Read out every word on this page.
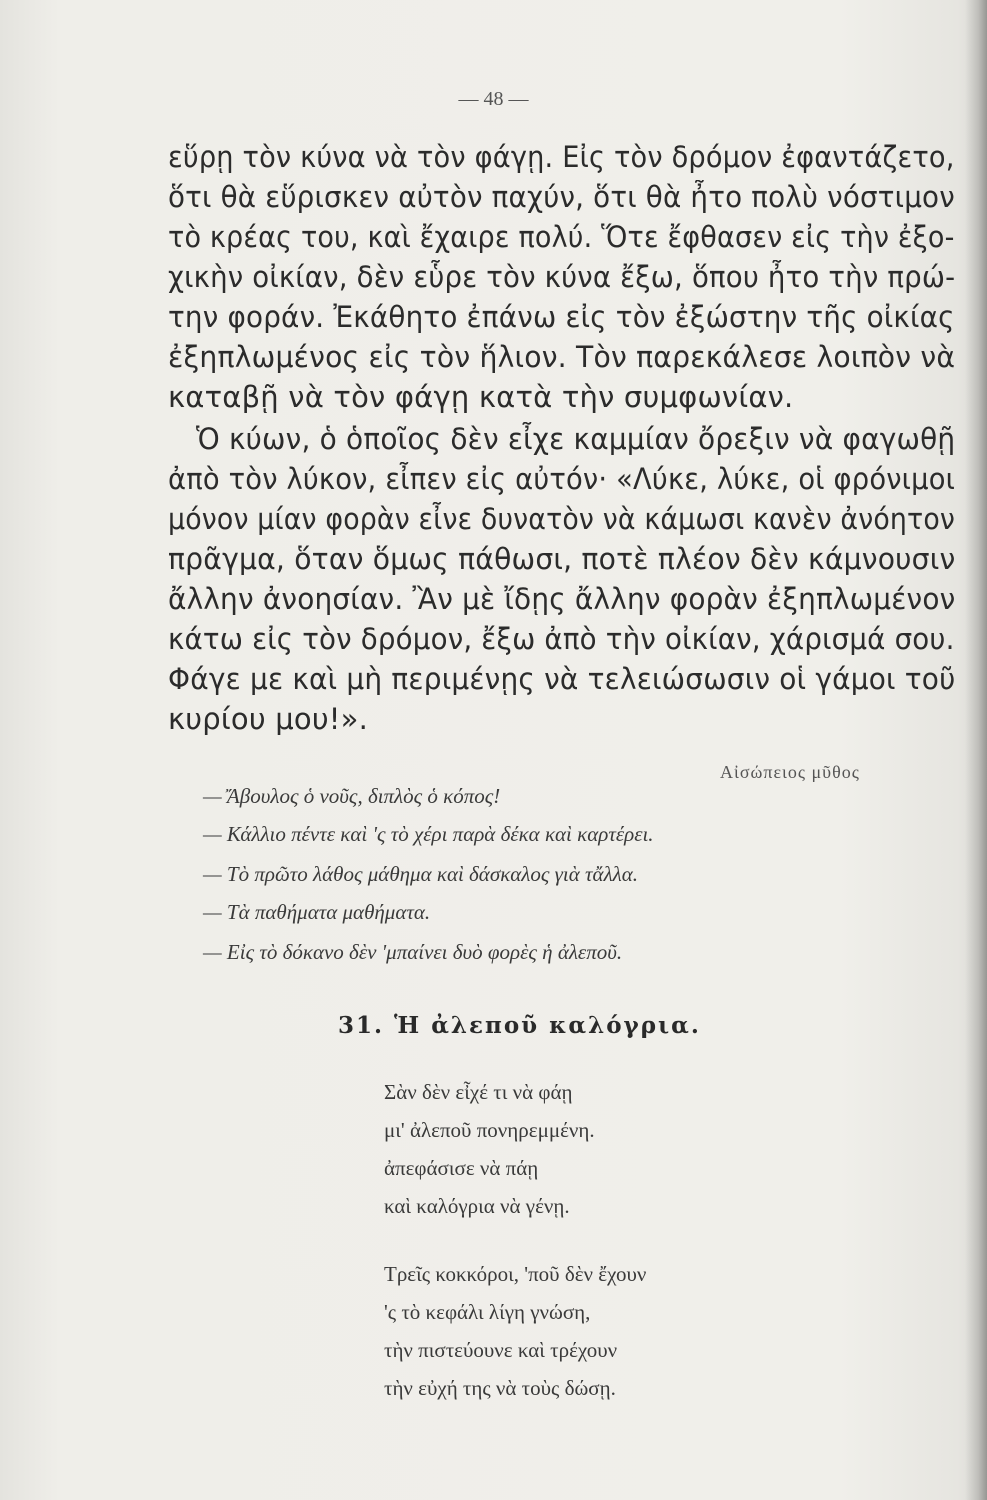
— 48 —
εὕρῃ τὸν κύνα νὰ τὸν φάγῃ. Εἰς τὸν δρόμον ἐφαντάζετο,
ὅτι θὰ εὕρισκεν αὐτὸν παχύν, ὅτι θὰ ἦτο πολὺ νόστιμον
τὸ κρέας του, καὶ ἔχαιρε πολύ. Ὅτε ἔφθασεν εἰς τὴν ἐξο-
χικὴν οἰκίαν, δὲν εὗρε τὸν κύνα ἔξω, ὅπου ἦτο τὴν πρώ-
την φοράν. Ἐκάθητο ἐπάνω εἰς τὸν ἐξώστην τῆς οἰκίας
ἐξηπλωμένος εἰς τὸν ἥλιον. Τὸν παρεκάλεσε λοιπὸν νὰ
καταβῇ νὰ τὸν φάγῃ κατὰ τὴν συμφωνίαν.
Ὁ κύων, ὁ ὁποῖος δὲν εἶχε καμμίαν ὄρεξιν νὰ φαγωθῇ
ἀπὸ τὸν λύκον, εἶπεν εἰς αὐτόν· «Λύκε, λύκε, οἱ φρόνιμοι
μόνον μίαν φορὰν εἶνε δυνατὸν νὰ κάμωσι κανὲν ἀνόητον
πρᾶγμα, ὅταν ὅμως πάθωσι, ποτὲ πλέον δὲν κάμνουσιν
ἄλλην ἀνοησίαν. Ἂν μὲ ἴδῃς ἄλλην φορὰν ἐξηπλωμένον
κάτω εἰς τὸν δρόμον, ἔξω ἀπὸ τὴν οἰκίαν, χάρισμά σου.
Φάγε με καὶ μὴ περιμένῃς νὰ τελειώσωσιν οἱ γάμοι τοῦ
κυρίου μου!».
Αἰσώπειος μῦθος
— Ἄβουλος ὁ νοῦς, διπλὸς ὁ κόπος!
— Κάλλιο πέντε καὶ 'ς τὸ χέρι παρὰ δέκα καὶ καρτέρει.
— Τὸ πρῶτο λάθος μάθημα καὶ δάσκαλος γιὰ τἄλλα.
— Τὰ παθήματα μαθήματα.
— Εἰς τὸ δόκανο δὲν 'μπαίνει δυὸ φορὲς ἡ ἀλεποῦ.
31. Ἡ ἀλεποῦ καλόγρια.
Σὰν δὲν εἶχέ τι νὰ φάῃ
μι' ἀλεποῦ πονηρεμμένη.
ἀπεφάσισε νὰ πάῃ
καὶ καλόγρια νὰ γένῃ.
Τρεῖς κοκκόροι, 'ποῦ δὲν ἔχουν
'ς τὸ κεφάλι λίγη γνώση,
τὴν πιστεύουνε καὶ τρέχουν
τὴν εὐχή της νὰ τοὺς δώσῃ.
